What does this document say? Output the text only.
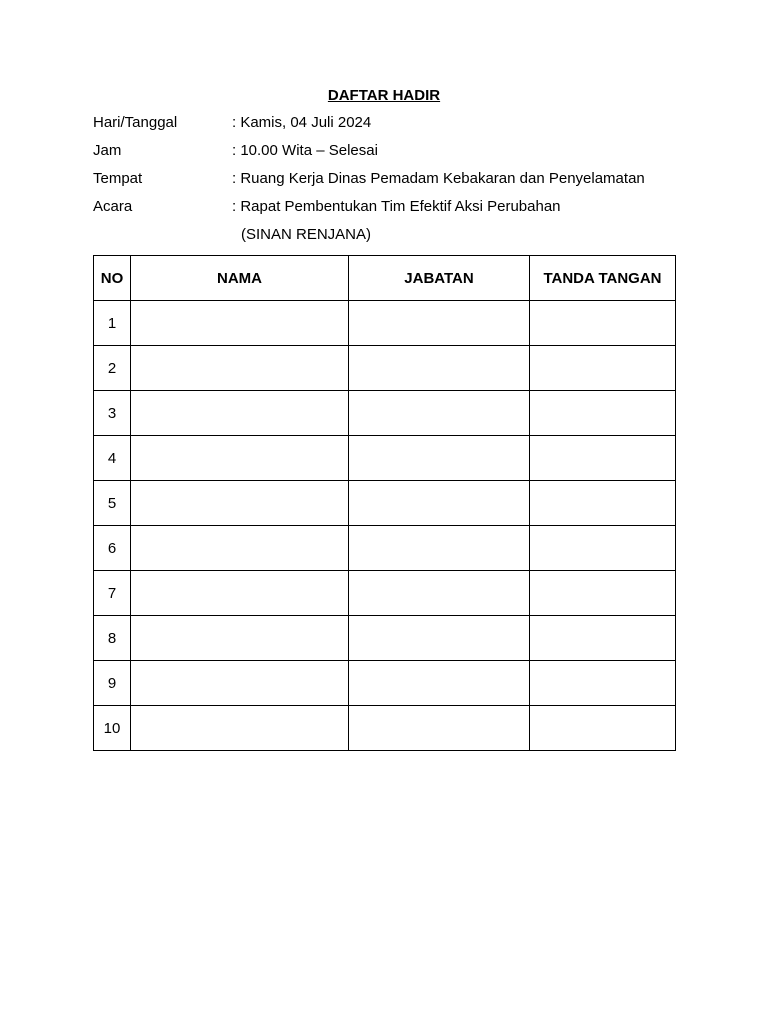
DAFTAR HADIR
Hari/Tanggal	: Kamis, 04 Juli 2024
Jam	: 10.00 Wita – Selesai
Tempat	: Ruang Kerja Dinas Pemadam Kebakaran dan Penyelamatan
Acara	: Rapat Pembentukan Tim Efektif Aksi Perubahan
(SINAN RENJANA)
NO	NAMA	JABATAN	TANDA TANGAN
1			
2			
3			
4			
5			
6			
7			
8			
9			
10			
